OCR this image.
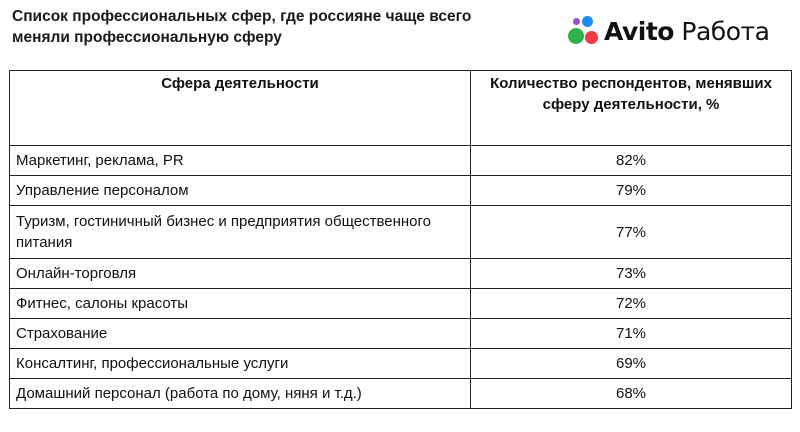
Список профессиональных сфер, где россияне чаще всего меняли профессиональную сферу	Avito Работа
Сфера деятельности	Количество респондентов, менявших сферу деятельности, %
Маркетинг, реклама, PR	82%
Управление персоналом	79%
Туризм, гостиничный бизнес и предприятия общественного питания	77%
Онлайн-торговля	73%
Фитнес, салоны красоты	72%
Страхование	71%
Консалтинг, профессиональные услуги	69%
Домашний персонал (работа по дому, няня и т.д.)	68%
